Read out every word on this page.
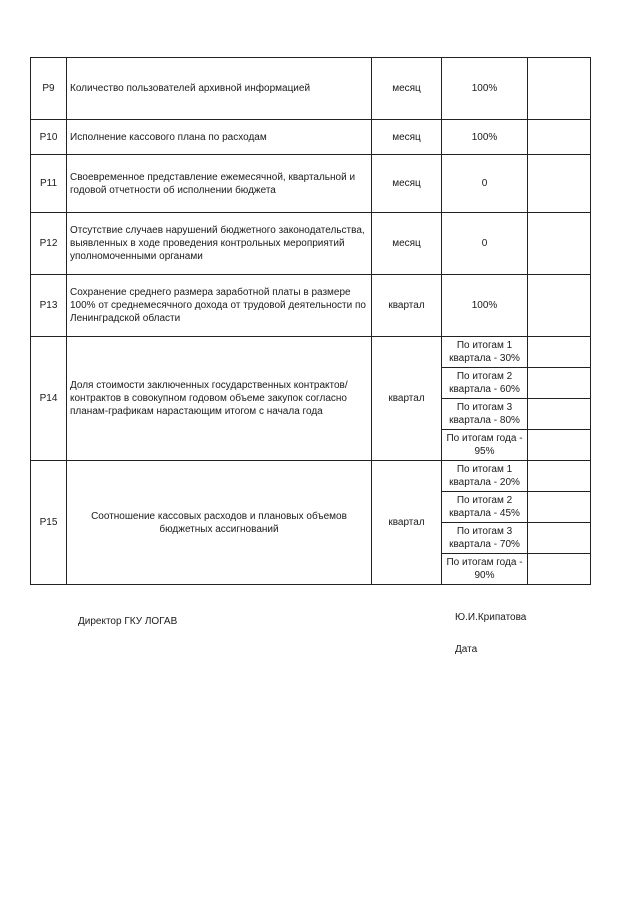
P9	Количество пользователей архивной информацией	месяц	100%	
P10	Исполнение кассового плана по расходам	месяц	100%	
P11	Своевременное представление ежемесячной, квартальной и годовой отчетности об исполнении бюджета	месяц	0	
P12	Отсутствие случаев нарушений бюджетного законодательства, выявленных в ходе проведения контрольных мероприятий уполномоченными органами	месяц	0	
P13	Сохранение среднего размера заработной платы в размере 100% от среднемесячного дохода от трудовой деятельности по Ленинградской области	квартал	100%	
P14	Доля стоимости заключенных государственных контрактов/контрактов в совокупном годовом объеме закупок согласно планам-графикам нарастающим итогом с начала года	квартал	По итогам 1 квартала - 30%	
			По итогам 2 квартала - 60%	
			По итогам 3 квартала - 80%	
			По итогам года - 95%	
P15	Соотношение кассовых расходов и плановых объемов бюджетных ассигнований	квартал	По итогам 1 квартала - 20%	
			По итогам 2 квартала - 45%	
			По итогам 3 квартала - 70%	
			По итогам года - 90%	
Директор ГКУ ЛОГАВ	Ю.И.Крипатова
Дата
